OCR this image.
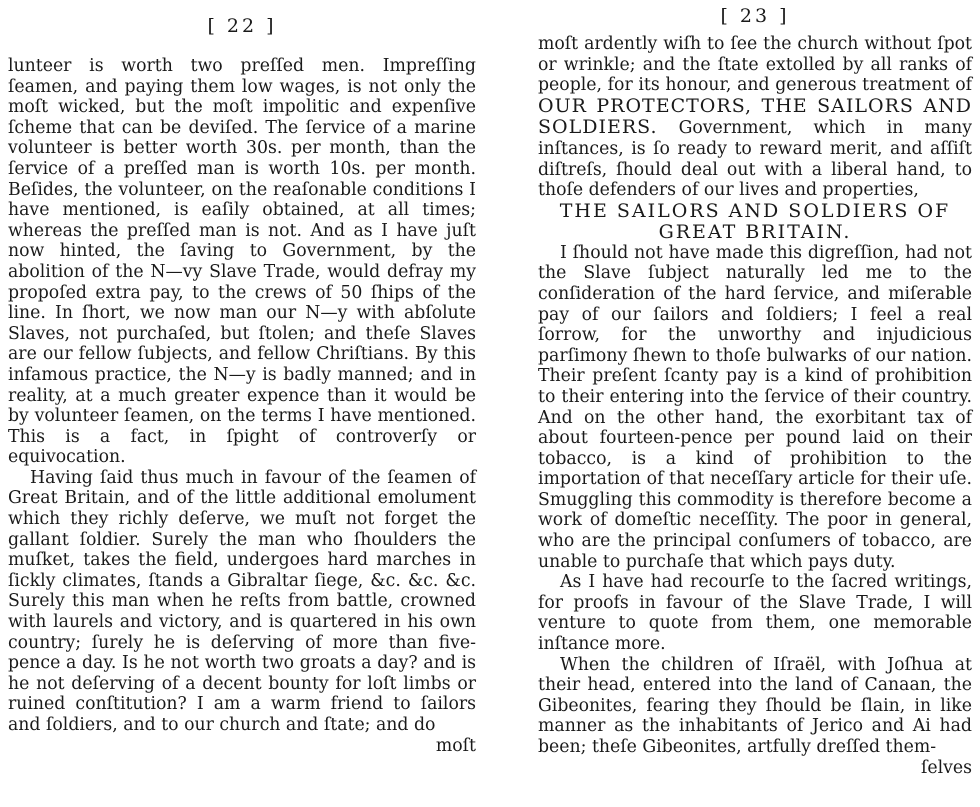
[ 22 ]

lunteer is worth two preſſed men. Impreſſing ſeamen, and paying them low wages, is not only the moſt wicked, but the moſt impolitic and expenſive ſcheme that can be deviſed. The ſervice of a marine volunteer is better worth 30s. per month, than the ſervice of a preſſed man is worth 10s. per month. Beſides, the volunteer, on the reaſonable conditions I have mentioned, is eaſily obtained, at all times; whereas the preſſed man is not. And as I have juſt now hinted, the ſaving to Government, by the abolition of the N—vy Slave Trade, would defray my propoſed extra pay, to the crews of 50 ſhips of the line. In ſhort, we now man our N—y with abſolute Slaves, not purchaſed, but ſtolen; and theſe Slaves are our fellow ſubjects, and fellow Chriſtians. By this infamous practice, the N—y is badly manned; and in reality, at a much greater expence than it would be by volunteer ſeamen, on the terms I have mentioned. This is a fact, in ſpight of controverſy or equivocation.

Having ſaid thus much in favour of the ſeamen of Great Britain, and of the little additional emolument which they richly deſerve, we muſt not forget the gallant ſoldier. Surely the man who ſhoulders the muſket, takes the field, undergoes hard marches in ſickly climates, ſtands a Gibraltar ſiege, &c. &c. &c. Surely this man when he reſts from battle, crowned with laurels and victory, and is quartered in his own country; ſurely he is deſerving of more than five-pence a day. Is he not worth two groats a day? and is he not deſerving of a decent bounty for loſt limbs or ruined conſtitution? I am a warm friend to ſailors and ſoldiers, and to our church and ſtate; and do

moſt
[ 23 ]

moſt ardently wiſh to ſee the church without ſpot or wrinkle; and the ſtate extolled by all ranks of people, for its honour, and generous treatment of OUR PROTECTORS, THE SAILORS AND SOLDIERS. Government, which in many inſtances, is ſo ready to reward merit, and aſſiſt diſtreſs, ſhould deal out with a liberal hand, to thoſe defenders of our lives and properties,

THE SAILORS AND SOLDIERS OF GREAT BRITAIN.

I ſhould not have made this digreſſion, had not the Slave ſubject naturally led me to the conſideration of the hard ſervice, and miſerable pay of our ſailors and ſoldiers; I feel a real ſorrow, for the unworthy and injudicious parſimony ſhewn to thoſe bulwarks of our nation. Their preſent ſcanty pay is a kind of prohibition to their entering into the ſervice of their country. And on the other hand, the exorbitant tax of about fourteen-pence per pound laid on their tobacco, is a kind of prohibition to the importation of that neceſſary article for their uſe. Smuggling this commodity is therefore become a work of domeſtic neceſſity. The poor in general, who are the principal conſumers of tobacco, are unable to purchaſe that which pays duty.

As I have had recourſe to the ſacred writings, for proofs in favour of the Slave Trade, I will venture to quote from them, one memorable inſtance more.

When the children of Iſraël, with Joſhua at their head, entered into the land of Canaan, the Gibeonites, fearing they ſhould be ſlain, in like manner as the inhabitants of Jerico and Ai had been; theſe Gibeonites, artfully dreſſed them-

ſelves
